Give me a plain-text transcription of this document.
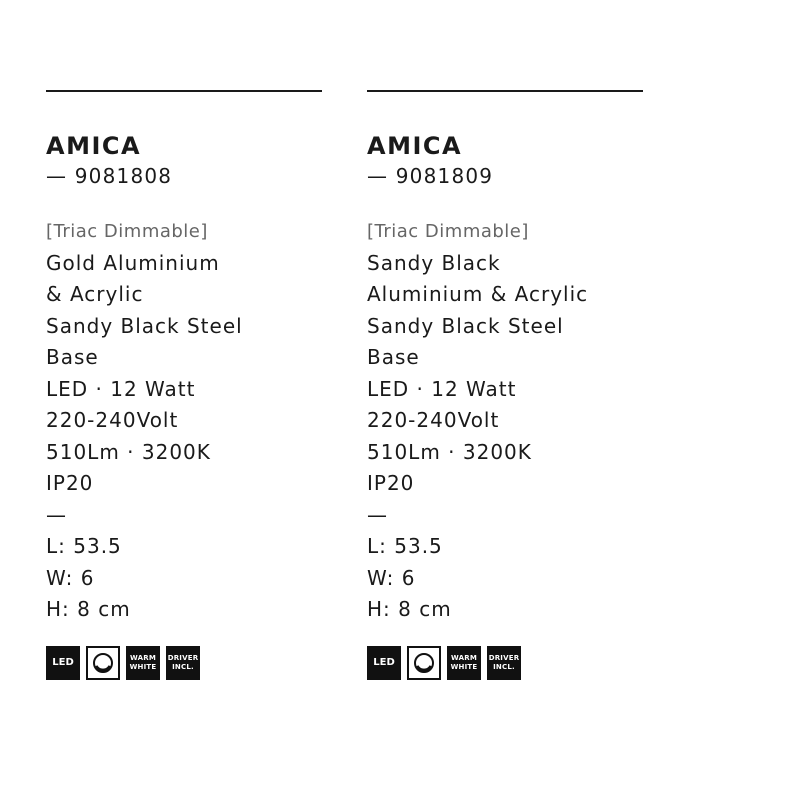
AMICA
— 9081808
[Triac Dimmable]
Gold Aluminium
& Acrylic
Sandy Black Steel
Base
LED · 12 Watt
220-240Volt
510Lm · 3200K
IP20
—
L: 53.5
W: 6
H: 8 cm
LED	WARM
WHITE
DRIVER
INCL.
AMICA
— 9081809
[Triac Dimmable]
Sandy Black
Aluminium & Acrylic
Sandy Black Steel
Base
LED · 12 Watt
220-240Volt
510Lm · 3200K
IP20
—
L: 53.5
W: 6
H: 8 cm
LED	WARM
WHITE
DRIVER
INCL.
